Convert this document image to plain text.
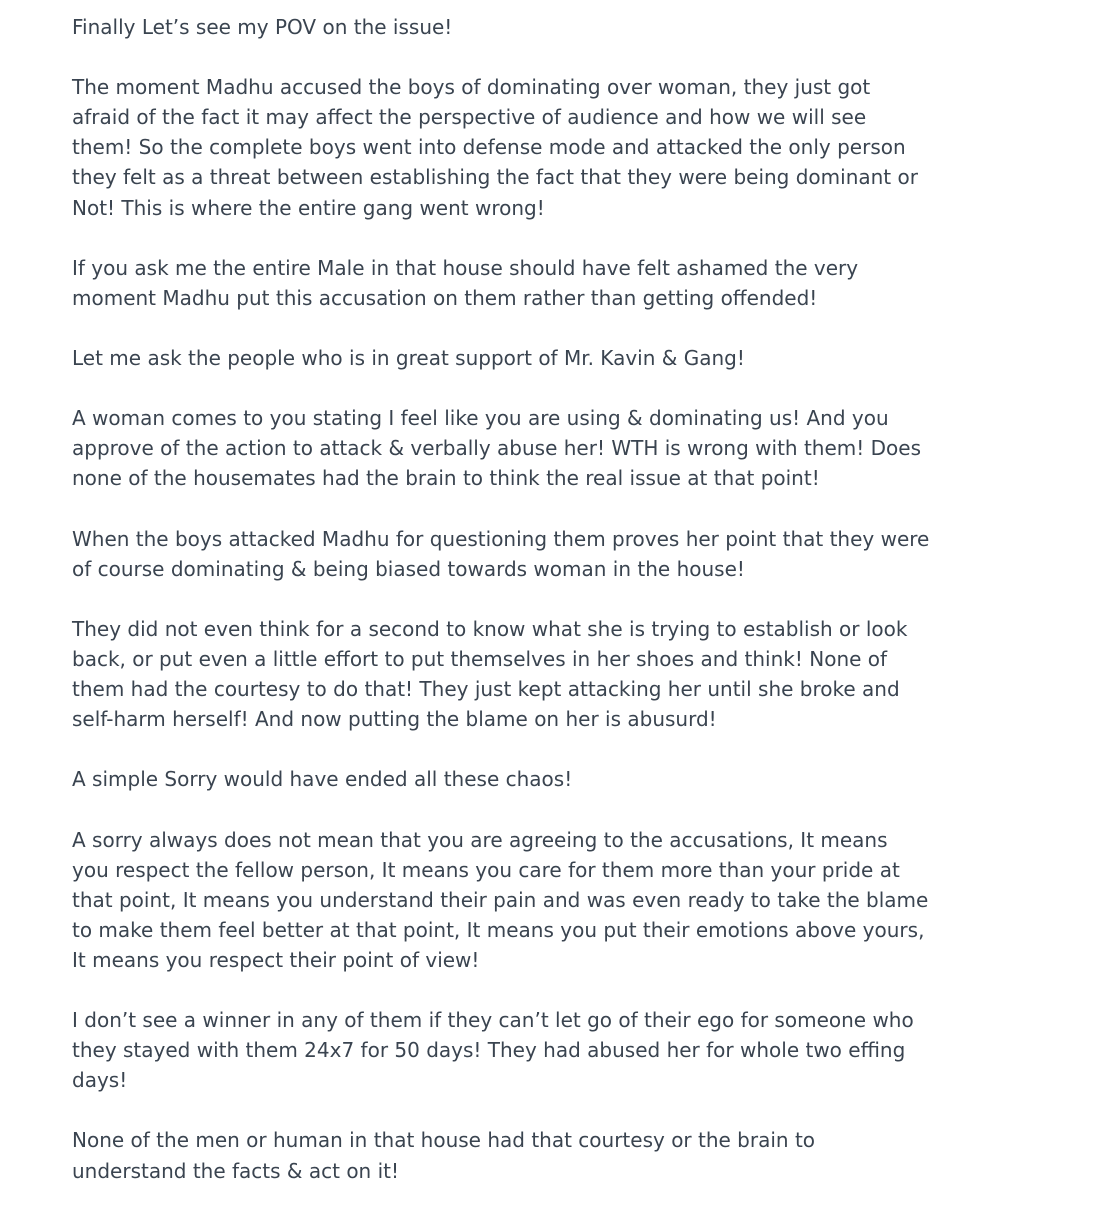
Finally Let’s see my POV on the issue!

The moment Madhu accused the boys of dominating over woman, they just got
afraid of the fact it may affect the perspective of audience and how we will see
them! So the complete boys went into defense mode and attacked the only person
they felt as a threat between establishing the fact that they were being dominant or
Not! This is where the entire gang went wrong!

If you ask me the entire Male in that house should have felt ashamed the very
moment Madhu put this accusation on them rather than getting offended!

Let me ask the people who is in great support of Mr. Kavin & Gang!

A woman comes to you stating I feel like you are using & dominating us! And you
approve of the action to attack & verbally abuse her! WTH is wrong with them! Does
none of the housemates had the brain to think the real issue at that point!

When the boys attacked Madhu for questioning them proves her point that they were
of course dominating & being biased towards woman in the house!

They did not even think for a second to know what she is trying to establish or look
back, or put even a little effort to put themselves in her shoes and think! None of
them had the courtesy to do that! They just kept attacking her until she broke and
self-harm herself! And now putting the blame on her is abusurd!

A simple Sorry would have ended all these chaos!

A sorry always does not mean that you are agreeing to the accusations, It means
you respect the fellow person, It means you care for them more than your pride at
that point, It means you understand their pain and was even ready to take the blame
to make them feel better at that point, It means you put their emotions above yours,
It means you respect their point of view!

I don’t see a winner in any of them if they can’t let go of their ego for someone who
they stayed with them 24x7 for 50 days! They had abused her for whole two effing
days!

None of the men or human in that house had that courtesy or the brain to
understand the facts & act on it!
